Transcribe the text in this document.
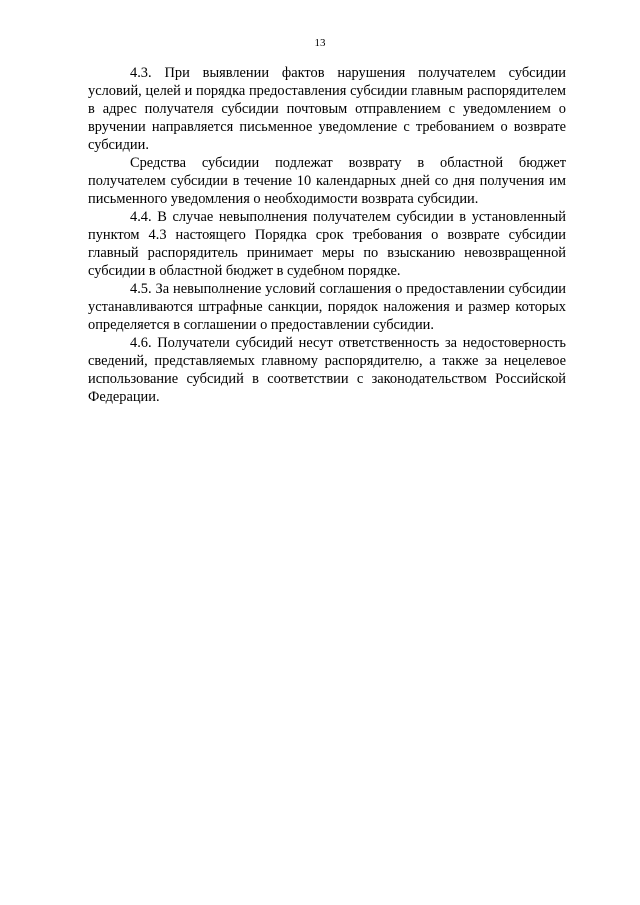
13

4.3. При выявлении фактов нарушения получателем субсидии условий, целей и порядка предоставления субсидии главным распорядителем в адрес получателя субсидии почтовым отправлением с уведомлением о вручении направляется письменное уведомление с требованием о возврате субсидии.

Средства субсидии подлежат возврату в областной бюджет получателем субсидии в течение 10 календарных дней со дня получения им письменного уведомления о необходимости возврата субсидии.

4.4. В случае невыполнения получателем субсидии в установленный пунктом 4.3 настоящего Порядка срок требования о возврате субсидии главный распорядитель принимает меры по взысканию невозвращенной субсидии в областной бюджет в судебном порядке.

4.5. За невыполнение условий соглашения о предоставлении субсидии устанавливаются штрафные санкции, порядок наложения и размер которых определяется в соглашении о предоставлении субсидии.

4.6. Получатели субсидий несут ответственность за недостоверность сведений, представляемых главному распорядителю, а также за нецелевое использование субсидий в соответствии с законодательством Российской Федерации.
